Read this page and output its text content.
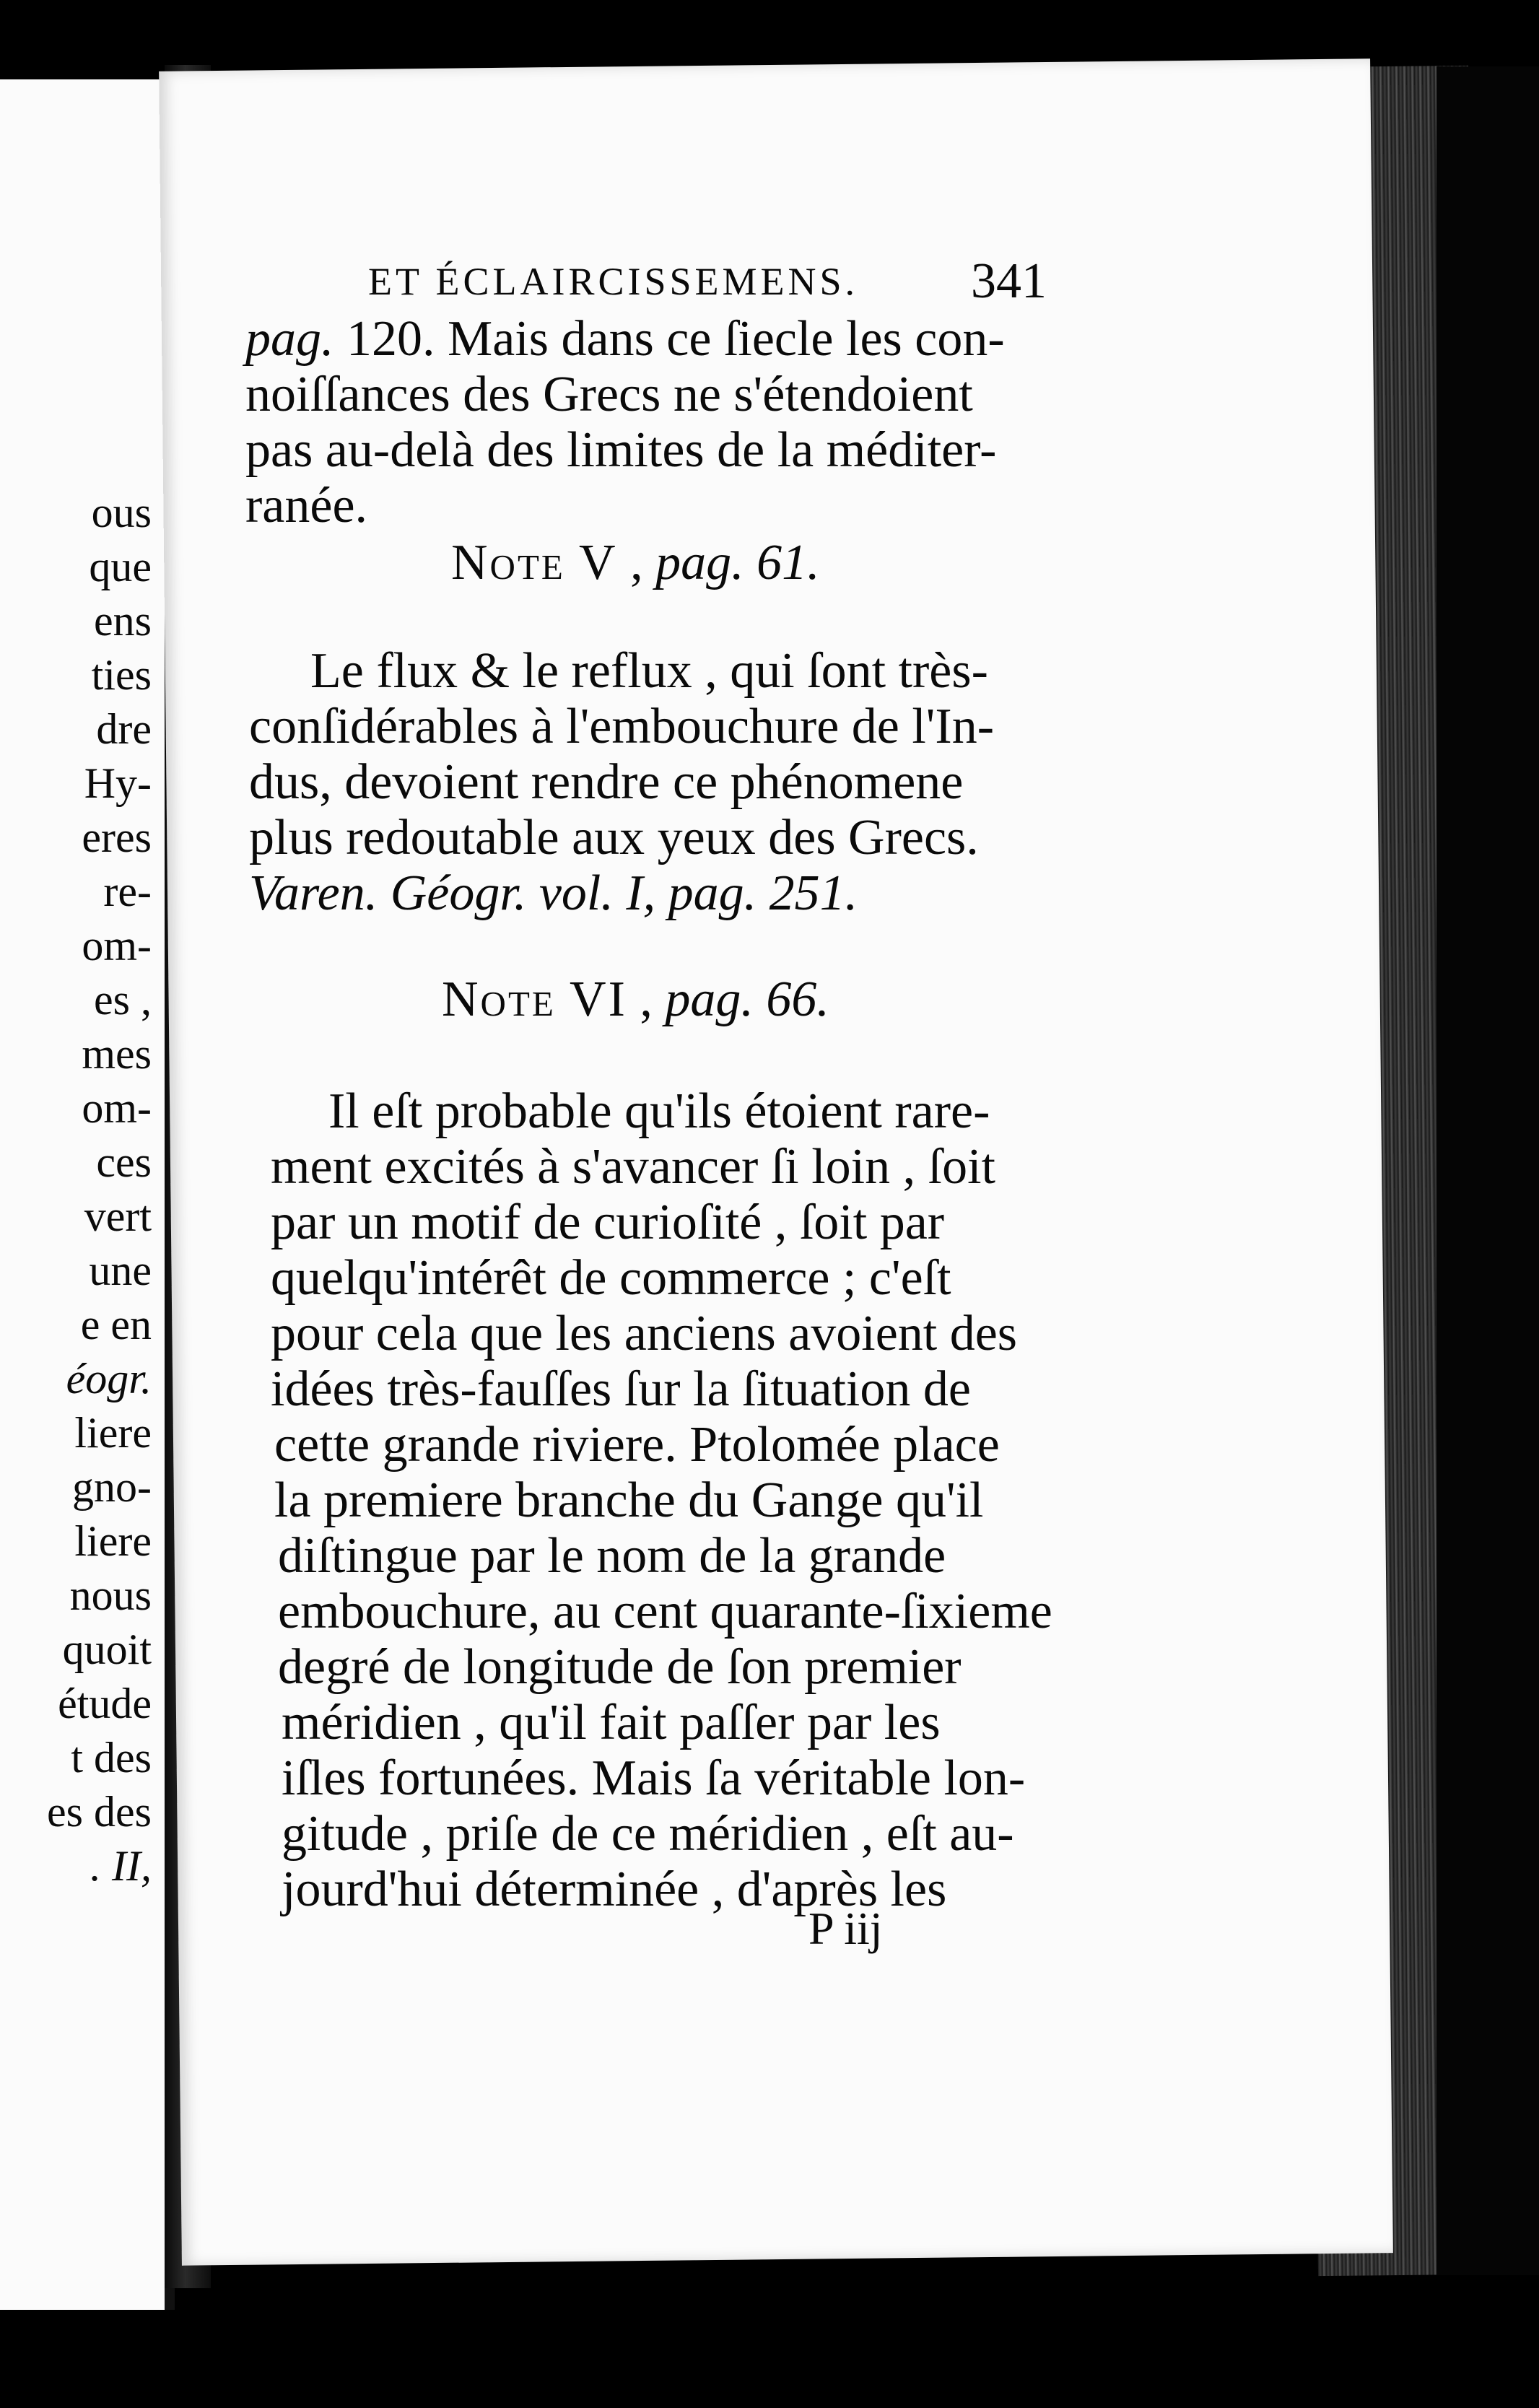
ous
que
ens
ties
dre
Hy-
eres
re-
om-
es ,
mes
om-
ces
vert
une
e en
éogr.
liere
gno-
liere
nous
quoit
étude
t des
es des
. II,
ET ÉCLAIRCISSEMENS. 341
pag. 120. Mais dans ce ſiecle les con-
noiſſances des Grecs ne s'étendoient
pas au-delà des limites de la méditer-
ranée.
Note V , pag. 61.
Le flux & le reflux , qui ſont très-
conſidérables à l'embouchure de l'In-
dus, devoient rendre ce phénomene
plus redoutable aux yeux des Grecs.
Varen. Géogr. vol. I, pag. 251.
Note VI , pag. 66.
Il eſt probable qu'ils étoient rare-
ment excités à s'avancer ſi loin , ſoit
par un motif de curioſité , ſoit par
quelqu'intérêt de commerce ; c'eſt
pour cela que les anciens avoient des
idées très-fauſſes ſur la ſituation de
cette grande riviere. Ptolomée place
la premiere branche du Gange qu'il
diſtingue par le nom de la grande
embouchure, au cent quarante-ſixieme
degré de longitude de ſon premier
méridien , qu'il fait paſſer par les
iſles fortunées. Mais ſa véritable lon-
gitude , priſe de ce méridien , eſt au-
jourd'hui déterminée , d'après les
P iij
